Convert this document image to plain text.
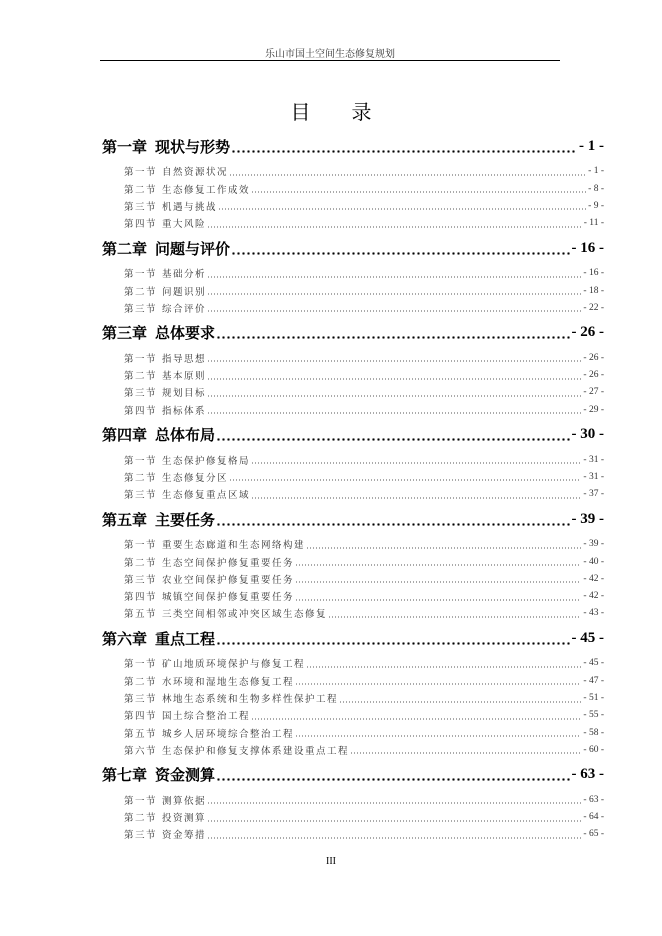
乐山市国土空间生态修复规划
目 录
第一章 现状与形势	- 1 -
第一节 自然资源状况	- 1 -
第二节 生态修复工作成效	- 8 -
第三节 机遇与挑战	- 9 -
第四节 重大风险	- 11 -
第二章 问题与评价	- 16 -
第一节 基础分析	- 16 -
第二节 问题识别	- 18 -
第三节 综合评价	- 22 -
第三章 总体要求	- 26 -
第一节 指导思想	- 26 -
第二节 基本原则	- 26 -
第三节 规划目标	- 27 -
第四节 指标体系	- 29 -
第四章 总体布局	- 30 -
第一节 生态保护修复格局	- 31 -
第二节 生态修复分区	- 31 -
第三节 生态修复重点区域	- 37 -
第五章 主要任务	- 39 -
第一节 重要生态廊道和生态网络构建	- 39 -
第二节 生态空间保护修复重要任务	- 40 -
第三节 农业空间保护修复重要任务	- 42 -
第四节 城镇空间保护修复重要任务	- 42 -
第五节 三类空间相邻或冲突区域生态修复	- 43 -
第六章 重点工程	- 45 -
第一节 矿山地质环境保护与修复工程	- 45 -
第二节 水环境和湿地生态修复工程	- 47 -
第三节 林地生态系统和生物多样性保护工程	- 51 -
第四节 国土综合整治工程	- 55 -
第五节 城乡人居环境综合整治工程	- 58 -
第六节 生态保护和修复支撑体系建设重点工程	- 60 -
第七章 资金测算	- 63 -
第一节 测算依据	- 63 -
第二节 投资测算	- 64 -
第三节 资金筹措	- 65 -
III
